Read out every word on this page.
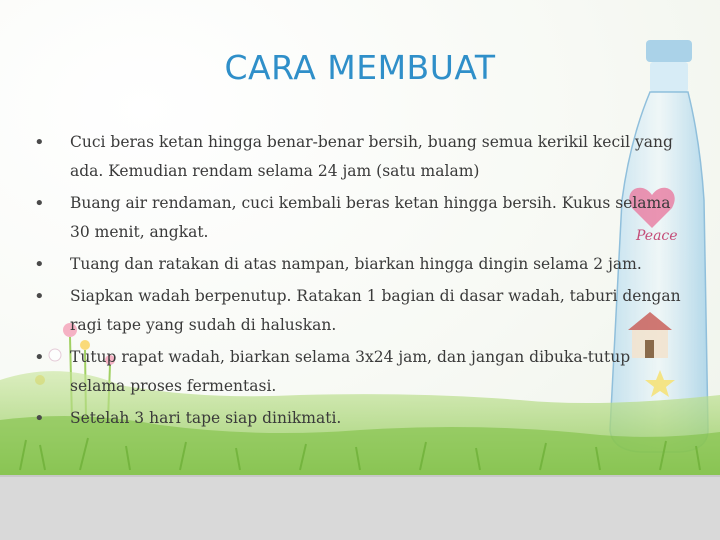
Peace
CARA MEMBUAT
• Cuci beras ketan hingga benar-benar bersih, buang semua kerikil kecil yang ada. Kemudian rendam selama 24 jam (satu malam)
• Buang air rendaman, cuci kembali beras ketan hingga bersih. Kukus selama 30 menit, angkat.
• Tuang dan ratakan di atas nampan, biarkan hingga dingin selama 2 jam.
• Siapkan wadah berpenutup. Ratakan 1 bagian di dasar wadah, taburi dengan ragi tape yang sudah di haluskan.
• Tutup rapat wadah, biarkan selama 3x24 jam, dan jangan dibuka-tutup selama proses fermentasi.
• Setelah 3 hari tape siap dinikmati.
